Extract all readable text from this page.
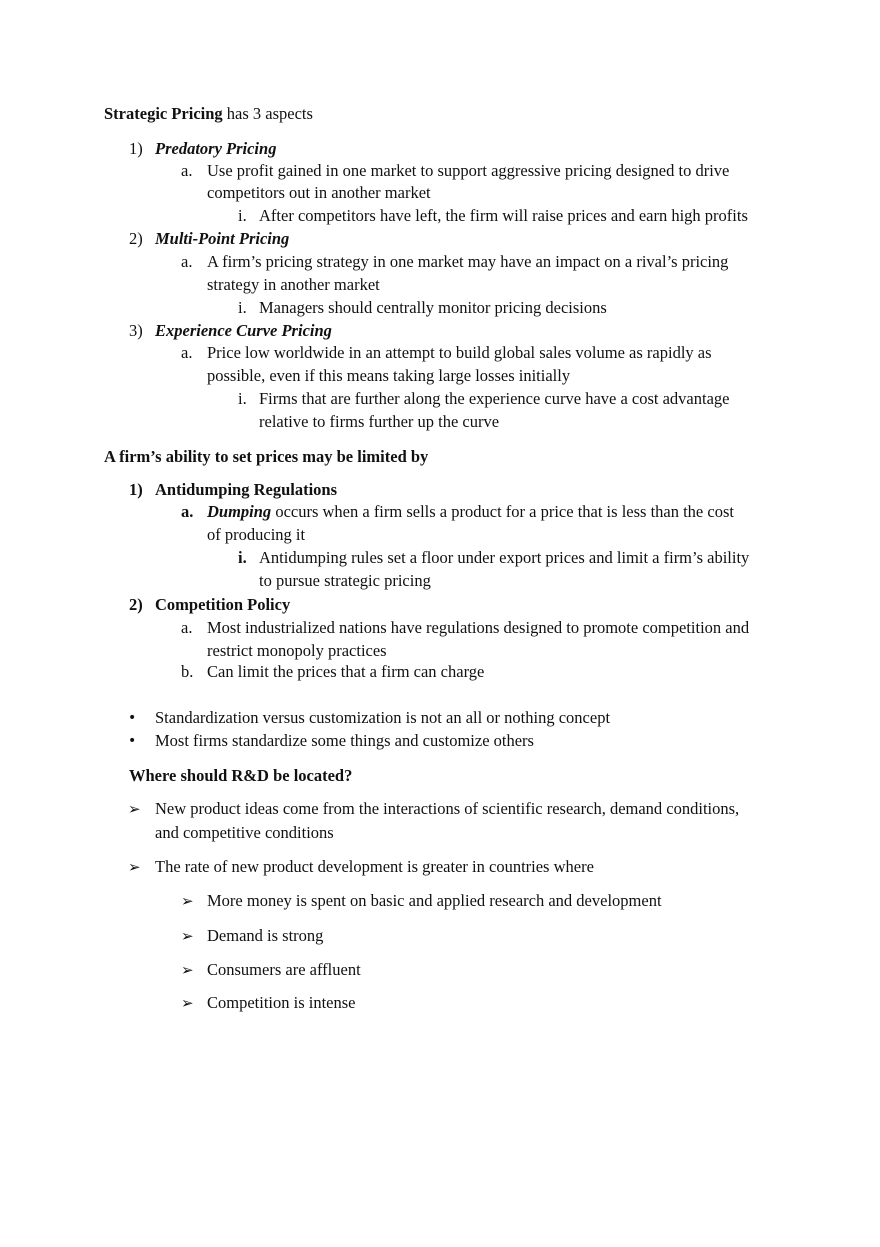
Strategic Pricing has 3 aspects
1) Predatory Pricing
a. Use profit gained in one market to support aggressive pricing designed to drive
competitors out in another market
i. After competitors have left, the firm will raise prices and earn high profits
2) Multi-Point Pricing
a. A firm’s pricing strategy in one market may have an impact on a rival’s pricing
strategy in another market
i. Managers should centrally monitor pricing decisions
3) Experience Curve Pricing
a. Price low worldwide in an attempt to build global sales volume as rapidly as
possible, even if this means taking large losses initially
i. Firms that are further along the experience curve have a cost advantage
relative to firms further up the curve
A firm’s ability to set prices may be limited by
1) Antidumping Regulations
a. Dumping occurs when a firm sells a product for a price that is less than the cost
of producing it
i. Antidumping rules set a floor under export prices and limit a firm’s ability
to pursue strategic pricing
2) Competition Policy
a. Most industrialized nations have regulations designed to promote competition and
restrict monopoly practices
b. Can limit the prices that a firm can charge
• Standardization versus customization is not an all or nothing concept
• Most firms standardize some things and customize others
Where should R&D be located?
➢ New product ideas come from the interactions of scientific research, demand conditions,
and competitive conditions
➢ The rate of new product development is greater in countries where
➢ More money is spent on basic and applied research and development
➢ Demand is strong
➢ Consumers are affluent
➢ Competition is intense
